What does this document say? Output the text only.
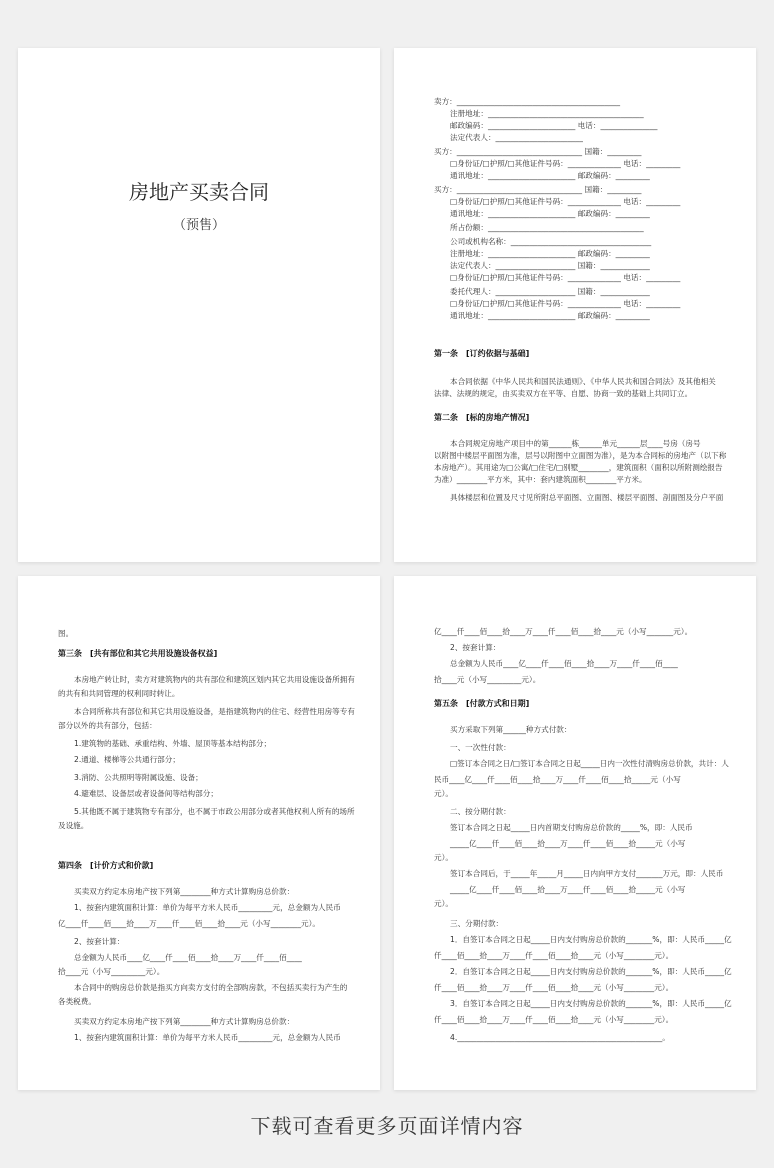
房地产买卖合同
（预售）
卖方：___________________________________________
注册地址：_________________________________________
邮政编码：_______________________ 电话：_______________
法定代表人：_______________________
买方：_________________________________ 国籍：_________
□身份证/□护照/□其他证件号码：______________ 电话：_________
通讯地址：_______________________ 邮政编码：_________
买方：_________________________________ 国籍：_________
□身份证/□护照/□其他证件号码：______________ 电话：_________
通讯地址：_______________________ 邮政编码：_________
所占份额：_________________________________________
公司或机构名称：_____________________________________
注册地址：_______________________ 邮政编码：_________
法定代表人：_____________________ 国籍：_____________
□身份证/□护照/□其他证件号码：______________ 电话：_________
委托代理人：_____________________ 国籍：_____________
□身份证/□护照/□其他证件号码：______________ 电话：_________
通讯地址：_______________________ 邮政编码：_________
第一条　[订约依据与基础]
本合同依据《中华人民共和国民法通则》、《中华人民共和国合同法》及其他相关
法律、法规的规定，由买卖双方在平等、自愿、协商一致的基础上共同订立。
第二条　[标的房地产情况]
本合同规定房地产项目中的第______栋______单元______层____号房（房号
以附图中楼层平面图为准，层号以附图中立面图为准），是为本合同标的房地产（以下称
本房地产）。其用途为□公寓/□住宅/□别墅________，建筑面积（面积以所附测绘报告
为准）________平方米，其中：套内建筑面积________平方米。
具体楼层和位置及尺寸见所附总平面图、立面图、楼层平面图、剖面图及分户平面
图。
第三条　[共有部位和其它共用设施设备权益]
本房地产转让时，卖方对建筑物内的共有部位和建筑区划内其它共用设施设备所拥有
的共有和共同管理的权利同时转让。
本合同所称共有部位和其它共用设施设备，是指建筑物内的住宅、经营性用房等专有
部分以外的共有部分，包括：
1.建筑物的基础、承重结构、外墙、屋顶等基本结构部分；
2.通道、楼梯等公共通行部分；
3.消防、公共照明等附属设施、设备；
4.避难层、设备层或者设备间等结构部分；
5.其他既不属于建筑物专有部分，也不属于市政公用部分或者其他权利人所有的场所
及设施。
第四条　[计价方式和价款]
买卖双方约定本房地产按下列第________种方式计算购房总价款：
1、按套内建筑面积计算：单价为每平方米人民币_________元，总金额为人民币
亿____仟____佰____拾____万____仟____佰____拾____元（小写________元）。
2、按套计算：
总金额为人民币____亿____仟____佰____拾____万____仟____佰____
拾____元（小写_________元）。
本合同中的购房总价款是指买方向卖方支付的全部购房款，不包括买卖行为产生的
各类税费。
买卖双方约定本房地产按下列第________种方式计算购房总价款：
1、按套内建筑面积计算：单价为每平方米人民币_________元，总金额为人民币
亿____仟____佰____拾____万____仟____佰____拾____元（小写_______元）。
2、按套计算：
总金额为人民币____亿____仟____佰____拾____万____仟____佰____
拾____元（小写_________元）。
第五条　[付款方式和日期]
买方采取下列第______种方式付款：
一、一次性付款：
□签订本合同之日/□签订本合同之日起_____日内一次性付清购房总价款，共计：人
民币____亿____仟____佰____拾____万____仟____佰____拾_____元（小写
元）。
二、按分期付款：
签订本合同之日起_____日内首期支付购房总价款的_____%，即：人民币
_____亿____仟____佰____拾____万____仟____佰____拾_____元（小写
元）。
签订本合同后，于_____年_____月_____日内向甲方支付_______万元，即：人民币
_____亿____仟____佰____拾____万____仟____佰____拾_____元（小写
元）。
三、分期付款：
1．自签订本合同之日起_____日内支付购房总价款的_______%，即：人民币_____亿
仟____佰____拾____万____仟____佰____拾____元（小写________元）。
2．自签订本合同之日起_____日内支付购房总价款的_______%，即：人民币_____亿
仟____佰____拾____万____仟____佰____拾____元（小写________元）。
3．自签订本合同之日起_____日内支付购房总价款的_______%，即：人民币_____亿
仟____佰____拾____万____仟____佰____拾____元（小写________元）。
4.______________________________________________________。
下载可查看更多页面详情内容
